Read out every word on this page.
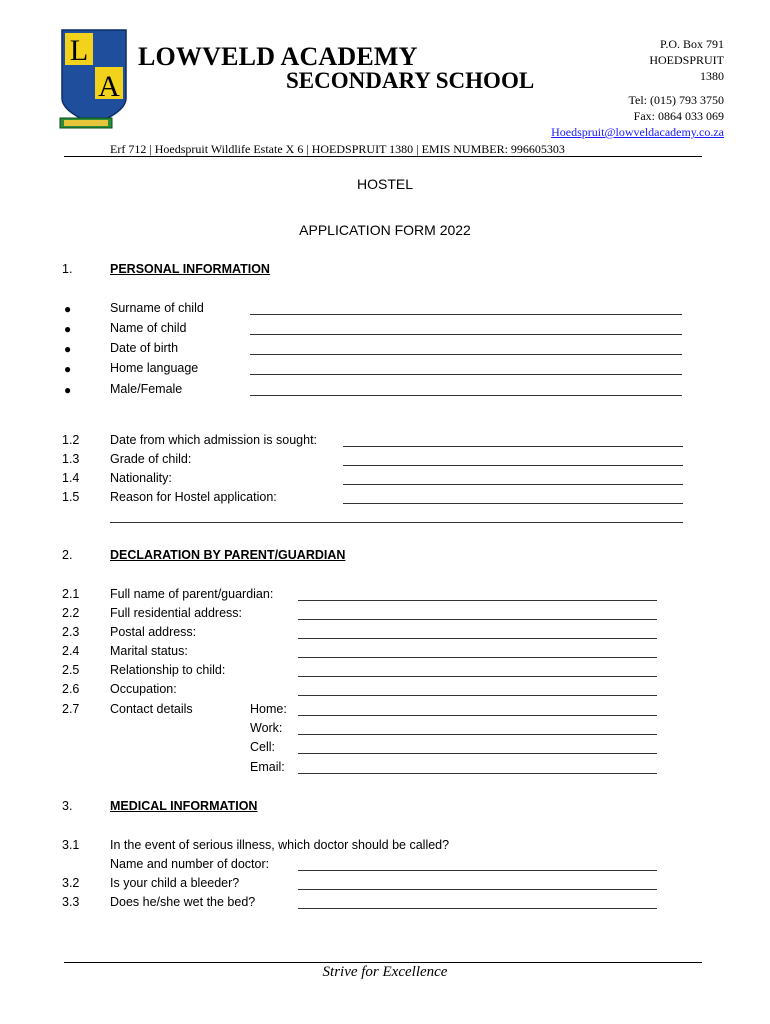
L
A
LOWVELD ACADEMY
SECONDARY SCHOOL
P.O. Box 791
HOEDSPRUIT
1380
Tel: (015) 793 3750
Fax: 0864 033 069
Hoedspruit@lowveldacademy.co.za
Erf 712 | Hoedspruit Wildlife Estate X 6 | HOEDSPRUIT 1380 | EMIS NUMBER: 996605303
HOSTEL
APPLICATION FORM 2022
1.	PERSONAL INFORMATION
●	Surname of child
●	Name of child
●	Date of birth
●	Home language
●	Male/Female
1.2 Date from which admission is sought:
1.3 Grade of child:
1.4 Nationality:
1.5 Reason for Hostel application:
2.	DECLARATION BY PARENT/GUARDIAN
2.1 Full name of parent/guardian:
2.2 Full residential address:
2.3 Postal address:
2.4 Marital status:
2.5 Relationship to child:
2.6 Occupation:
2.7 Contact details	Home:
Work:
Cell:
Email:
3.	MEDICAL INFORMATION
3.1 In the event of serious illness, which doctor should be called?
Name and number of doctor:
3.2 Is your child a bleeder?
3.3 Does he/she wet the bed?
Strive for Excellence
